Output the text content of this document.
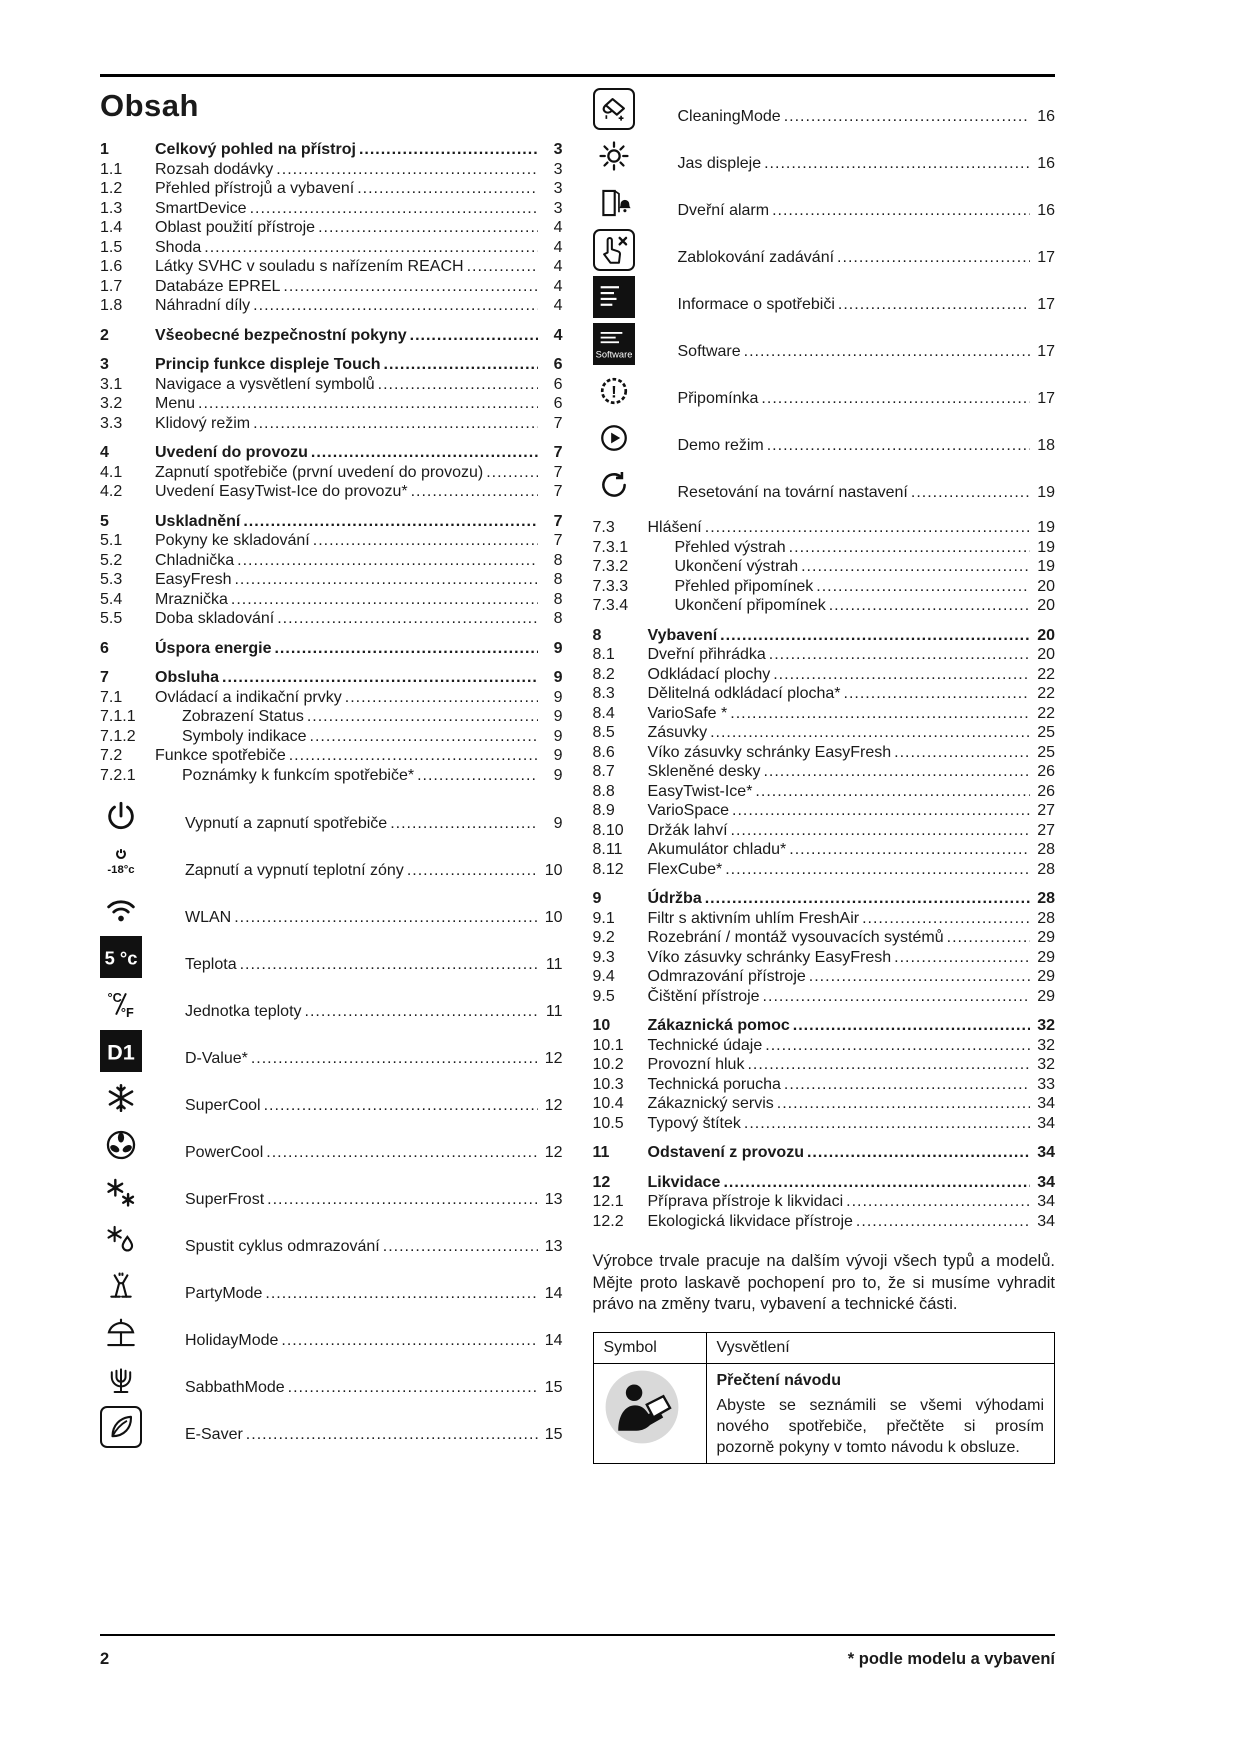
Obsah
1	Celkový pohled na přístroj .....	3
1.1	Rozsah dodávky .....	3
1.2	Přehled přístrojů a vybavení .....	3
1.3	SmartDevice .....	3
1.4	Oblast použití přístroje .....	4
1.5	Shoda .....	4
1.6	Látky SVHC v souladu s nařízením REACH .....	4
1.7	Databáze EPREL .....	4
1.8	Náhradní díly .....	4
2	Všeobecné bezpečnostní pokyny .....	4
3	Princip funkce displeje Touch .....	6
3.1	Navigace a vysvětlení symbolů .....	6
3.2	Menu .....	6
3.3	Klidový režim .....	7
4	Uvedení do provozu .....	7
4.1	Zapnutí spotřebiče (první uvedení do provozu) .....	7
4.2	Uvedení EasyTwist-Ice do provozu* .....	7
5	Uskladnění .....	7
5.1	Pokyny ke skladování .....	7
5.2	Chladnička .....	8
5.3	EasyFresh .....	8
5.4	Mraznička .....	8
5.5	Doba skladování .....	8
6	Úspora energie .....	9
7	Obsluha .....	9
7.1	Ovládací a indikační prvky .....	9
7.1.1	Zobrazení Status .....	9
7.1.2	Symboly indikace .....	9
7.2	Funkce spotřebiče .....	9
7.2.1	Poznámky k funkcím spotřebiče* .....	9
Vypnutí a zapnutí spotřebiče .....	9
Zapnutí a vypnutí teplotní zóny .....	10
WLAN .....	10
Teplota .....	11
Jednotka teploty .....	11
D-Value* .....	12
SuperCool .....	12
PowerCool .....	12
SuperFrost .....	13
Spustit cyklus odmrazování .....	13
PartyMode .....	14
HolidayMode .....	14
SabbathMode .....	15
E-Saver .....	15
CleaningMode .....	16
Jas displeje .....	16
Dveřní alarm .....	16
Zablokování zadávání .....	17
Informace o spotřebiči .....	17
Software .....	17
Připomínka .....	17
Demo režim .....	18
Resetování na tovární nastavení .....	19
7.3	Hlášení .....	19
7.3.1	Přehled výstrah .....	19
7.3.2	Ukončení výstrah .....	19
7.3.3	Přehled připomínek .....	20
7.3.4	Ukončení připomínek .....	20
8	Vybavení .....	20
8.1	Dveřní přihrádka .....	20
8.2	Odkládací plochy .....	22
8.3	Dělitelná odkládací plocha* .....	22
8.4	VarioSafe * .....	22
8.5	Zásuvky .....	25
8.6	Víko zásuvky schránky EasyFresh .....	25
8.7	Skleněné desky .....	26
8.8	EasyTwist-Ice* .....	26
8.9	VarioSpace .....	27
8.10	Držák lahví .....	27
8.11	Akumulátor chladu* .....	28
8.12	FlexCube* .....	28
9	Údržba .....	28
9.1	Filtr s aktivním uhlím FreshAir .....	28
9.2	Rozebrání / montáž vysouvacích systémů .....	29
9.3	Víko zásuvky schránky EasyFresh .....	29
9.4	Odmrazování přístroje .....	29
9.5	Čištění přístroje .....	29
10	Zákaznická pomoc .....	32
10.1	Technické údaje .....	32
10.2	Provozní hluk .....	32
10.3	Technická porucha .....	33
10.4	Zákaznický servis .....	34
10.5	Typový štítek .....	34
11	Odstavení z provozu .....	34
12	Likvidace .....	34
12.1	Příprava přístroje k likvidaci .....	34
12.2	Ekologická likvidace přístroje .....	34

Výrobce trvale pracuje na dalším vývoji všech typů a modelů. Mějte proto laskavě pochopení pro to, že si musíme vyhradit právo na změny tvaru, vybavení a technické části.

Symbol	Vysvětlení

Přečtení návodu
Abyste se seznámili se všemi výhodami nového spotřebiče, přečtěte si prosím pozorně pokyny v tomto návodu k obsluze.
2	* podle modelu a vybavení
